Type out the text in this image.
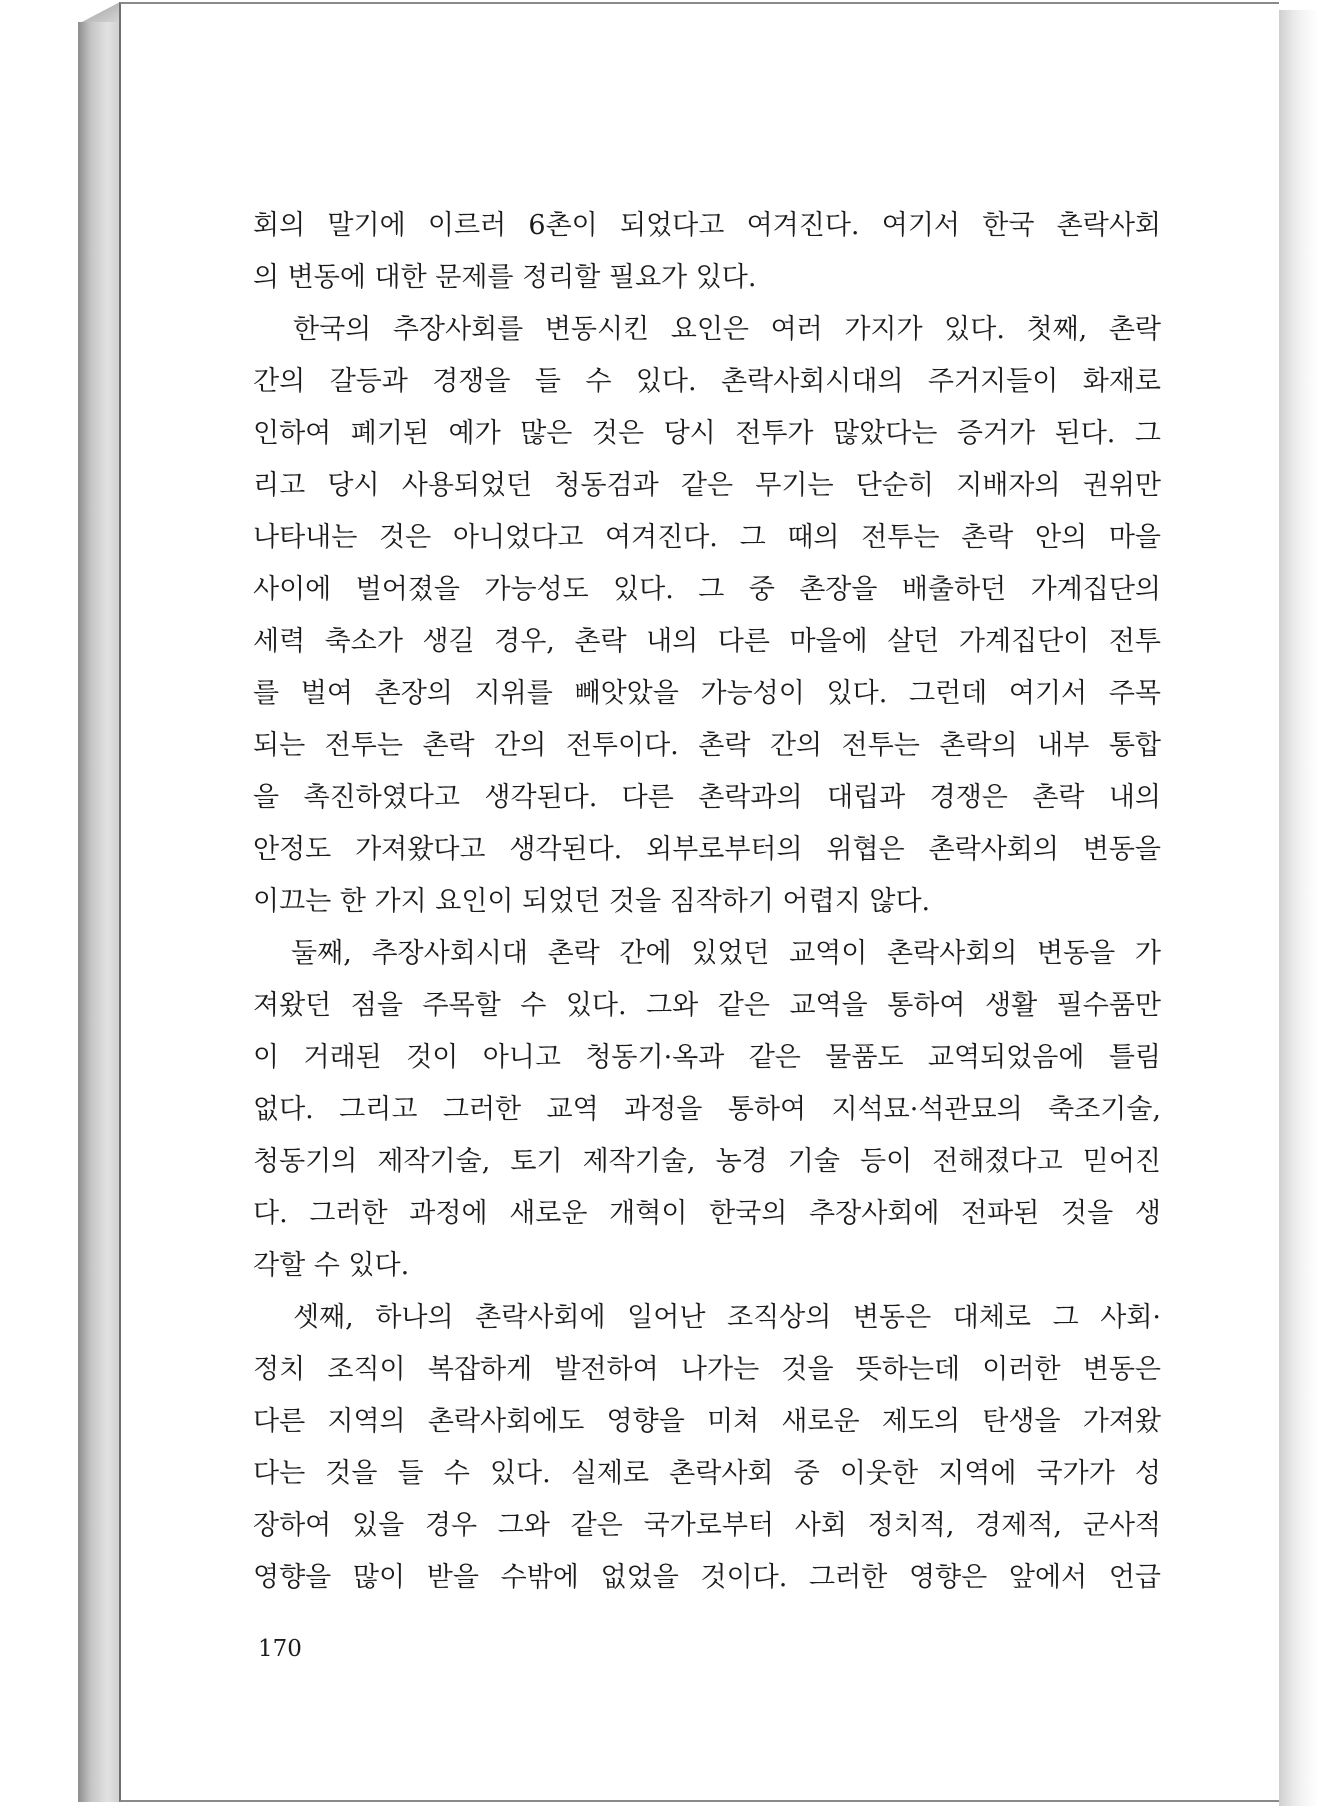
회의 말기에 이르러 6촌이 되었다고 여겨진다. 여기서 한국 촌락사회
의 변동에 대한 문제를 정리할 필요가 있다.
　한국의 추장사회를 변동시킨 요인은 여러 가지가 있다. 첫째, 촌락
간의 갈등과 경쟁을 들 수 있다. 촌락사회시대의 주거지들이 화재로
인하여 폐기된 예가 많은 것은 당시 전투가 많았다는 증거가 된다. 그
리고 당시 사용되었던 청동검과 같은 무기는 단순히 지배자의 권위만
나타내는 것은 아니었다고 여겨진다. 그 때의 전투는 촌락 안의 마을
사이에 벌어졌을 가능성도 있다. 그 중 촌장을 배출하던 가계집단의
세력 축소가 생길 경우, 촌락 내의 다른 마을에 살던 가계집단이 전투
를 벌여 촌장의 지위를 빼앗았을 가능성이 있다. 그런데 여기서 주목
되는 전투는 촌락 간의 전투이다. 촌락 간의 전투는 촌락의 내부 통합
을 촉진하였다고 생각된다. 다른 촌락과의 대립과 경쟁은 촌락 내의
안정도 가져왔다고 생각된다. 외부로부터의 위협은 촌락사회의 변동을
이끄는 한 가지 요인이 되었던 것을 짐작하기 어렵지 않다.
　둘째, 추장사회시대 촌락 간에 있었던 교역이 촌락사회의 변동을 가
져왔던 점을 주목할 수 있다. 그와 같은 교역을 통하여 생활 필수품만
이 거래된 것이 아니고 청동기·옥과 같은 물품도 교역되었음에 틀림
없다. 그리고 그러한 교역 과정을 통하여 지석묘·석관묘의 축조기술,
청동기의 제작기술, 토기 제작기술, 농경 기술 등이 전해졌다고 믿어진
다. 그러한 과정에 새로운 개혁이 한국의 추장사회에 전파된 것을 생
각할 수 있다.
　셋째, 하나의 촌락사회에 일어난 조직상의 변동은 대체로 그 사회·
정치 조직이 복잡하게 발전하여 나가는 것을 뜻하는데 이러한 변동은
다른 지역의 촌락사회에도 영향을 미쳐 새로운 제도의 탄생을 가져왔
다는 것을 들 수 있다. 실제로 촌락사회 중 이웃한 지역에 국가가 성
장하여 있을 경우 그와 같은 국가로부터 사회 정치적, 경제적, 군사적
영향을 많이 받을 수밖에 없었을 것이다. 그러한 영향은 앞에서 언급
170
